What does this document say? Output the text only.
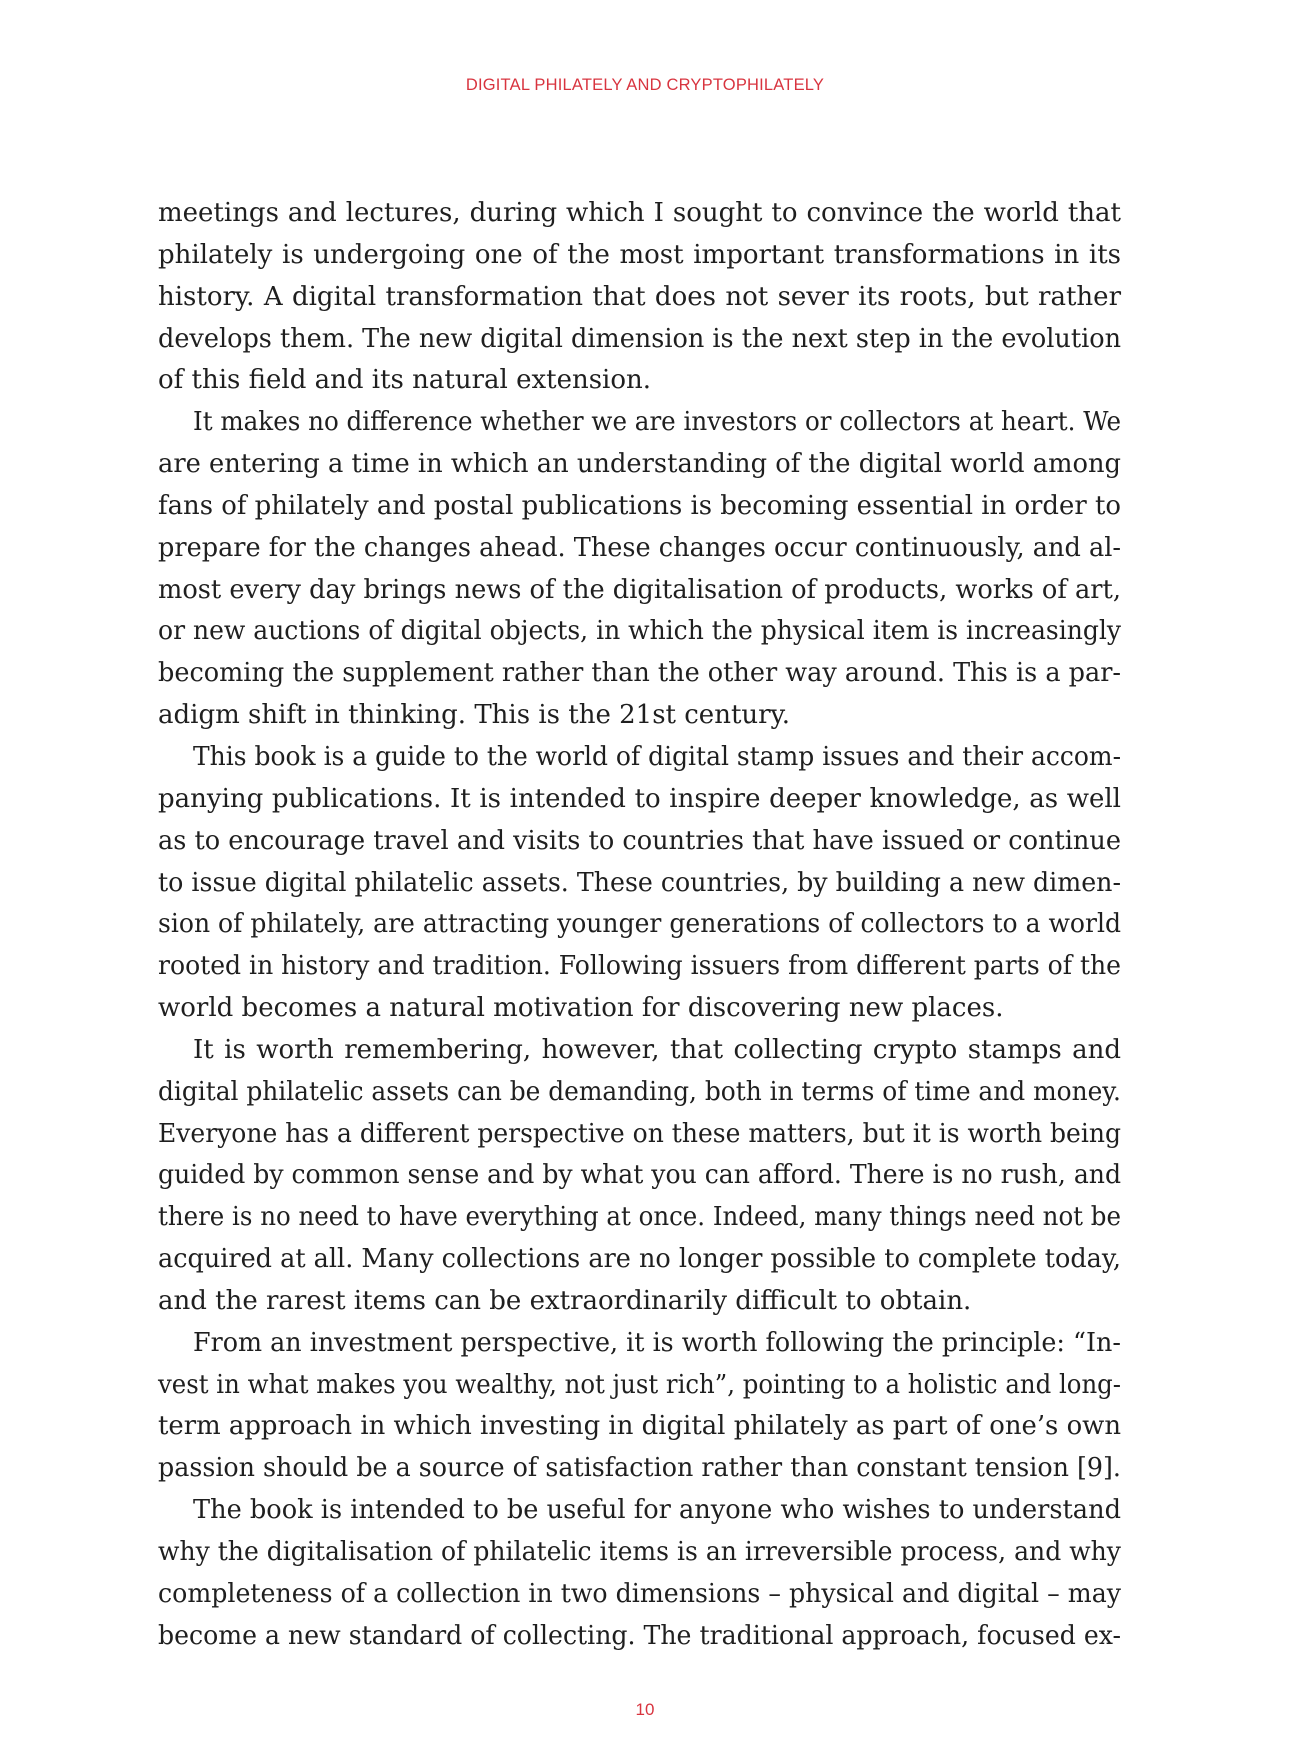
DIGITAL PHILATELY AND CRYPTOPHILATELY

meetings and lectures, during which I sought to convince the world that

philately is undergoing one of the most important transformations in its

history. A digital transformation that does not sever its roots, but rather

develops them. The new digital dimension is the next step in the evolution

of this field and its natural extension.

It makes no difference whether we are investors or collectors at heart. We

are entering a time in which an understanding of the digital world among

fans of philately and postal publications is becoming essential in order to

prepare for the changes ahead. These changes occur continuously, and al-

most every day brings news of the digitalisation of products, works of art,

or new auctions of digital objects, in which the physical item is increasingly

becoming the supplement rather than the other way around. This is a par-

adigm shift in thinking. This is the 21st century.

This book is a guide to the world of digital stamp issues and their accom-

panying publications. It is intended to inspire deeper knowledge, as well

as to encourage travel and visits to countries that have issued or continue

to issue digital philatelic assets. These countries, by building a new dimen-

sion of philately, are attracting younger generations of collectors to a world

rooted in history and tradition. Following issuers from different parts of the

world becomes a natural motivation for discovering new places.

It is worth remembering, however, that collecting crypto stamps and

digital philatelic assets can be demanding, both in terms of time and money.

Everyone has a different perspective on these matters, but it is worth being

guided by common sense and by what you can afford. There is no rush, and

there is no need to have everything at once. Indeed, many things need not be

acquired at all. Many collections are no longer possible to complete today,

and the rarest items can be extraordinarily difficult to obtain.

From an investment perspective, it is worth following the principle: “In-

vest in what makes you wealthy, not just rich”, pointing to a holistic and long-

term approach in which investing in digital philately as part of one’s own

passion should be a source of satisfaction rather than constant tension [9].

The book is intended to be useful for anyone who wishes to understand

why the digitalisation of philatelic items is an irreversible process, and why

completeness of a collection in two dimensions – physical and digital – may

become a new standard of collecting. The traditional approach, focused ex-

10
